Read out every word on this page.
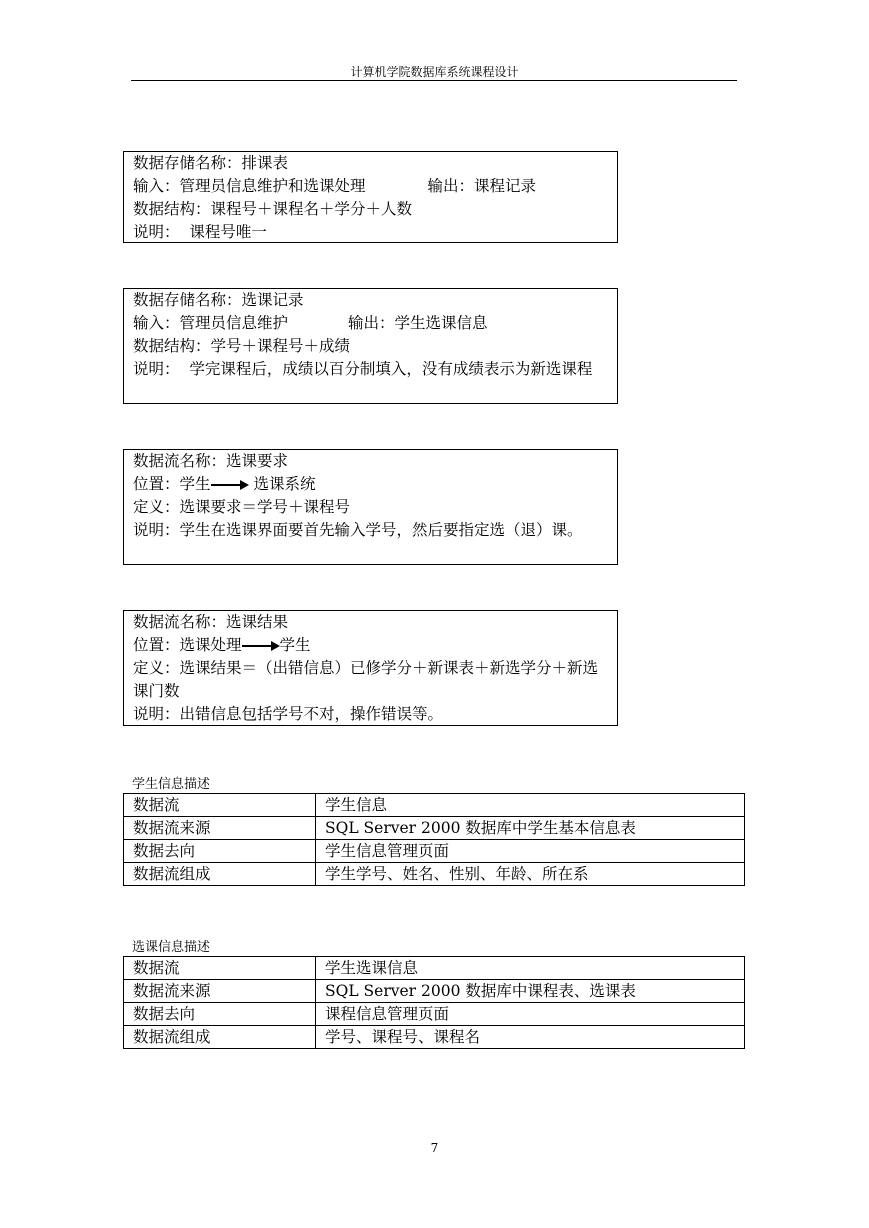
计算机学院数据库系统课程设计
数据存储名称：排课表
输入：管理员信息维护和选课处理	输出：课程记录
数据结构：课程号＋课程名＋学分＋人数
说明：  课程号唯一
数据存储名称：选课记录
输入：管理员信息维护	输出：学生选课信息
数据结构：学号＋课程号＋成绩
说明：  学完课程后，成绩以百分制填入，没有成绩表示为新选课程
数据流名称：选课要求
位置：学生	选课系统
定义：选课要求＝学号＋课程号
说明：学生在选课界面要首先输入学号，然后要指定选（退）课。
数据流名称：选课结果
位置：选课处理 学生
定义：选课结果＝（出错信息）已修学分＋新课表＋新选学分＋新选课门数
说明：出错信息包括学号不对，操作错误等。
学生信息描述
数据流	学生信息
数据流来源	SQL Server 2000 数据库中学生基本信息表
数据去向	学生信息管理页面
数据流组成	学生学号、姓名、性别、年龄、所在系
选课信息描述
数据流	学生选课信息
数据流来源	SQL Server 2000 数据库中课程表、选课表
数据去向	课程信息管理页面
数据流组成	学号、课程号、课程名
7
